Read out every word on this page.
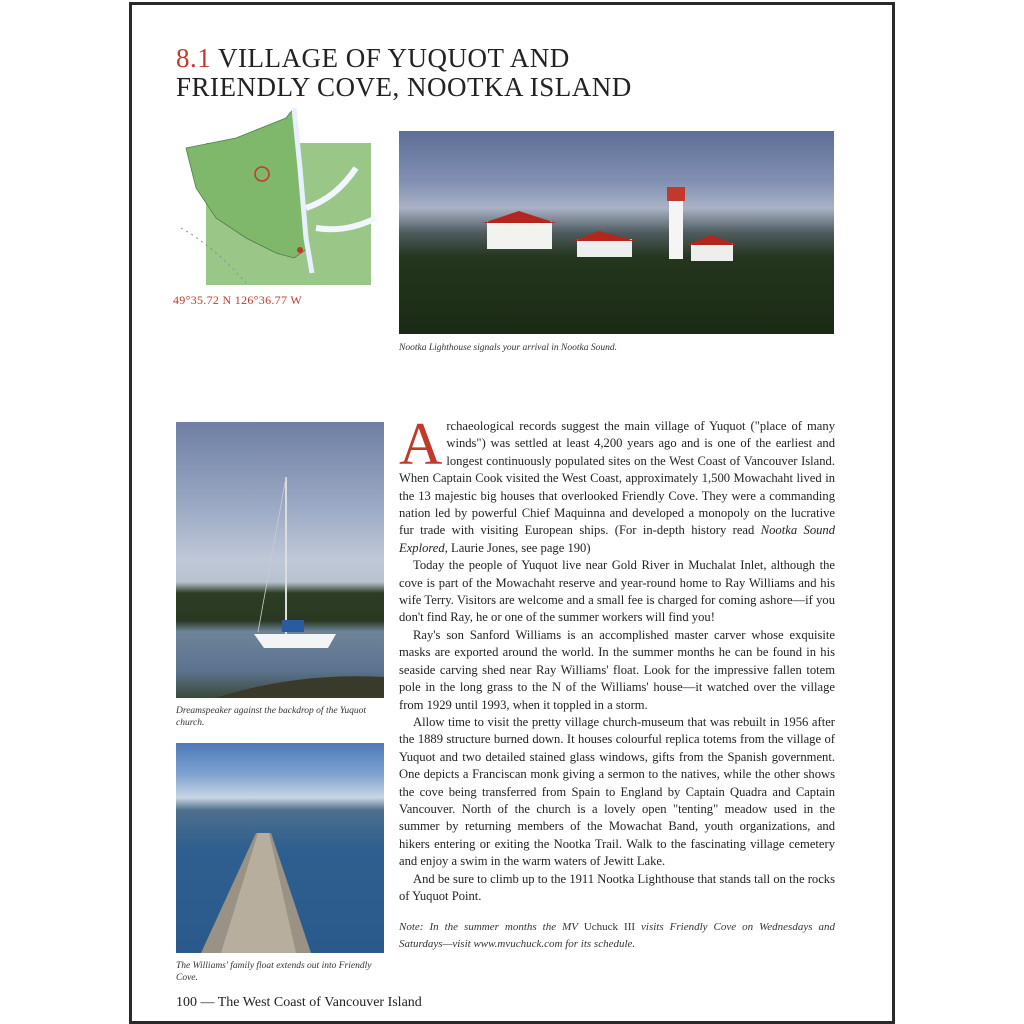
8.1 VILLAGE OF YUQUOT AND
FRIENDLY COVE, NOOTKA ISLAND
49°35.72 N 126°36.77 W
Nootka Lighthouse signals your arrival in Nootka Sound.
Dreamspeaker against the backdrop of the Yuquot church.
The Williams' family float extends out into Friendly Cove.

Archaeological records suggest the main village of Yuquot ("place of many winds") was settled at least 4,200 years ago and is one of the earliest and longest continuously populated sites on the West Coast of Vancouver Island. When Captain Cook visited the West Coast, approximately 1,500 Mowachaht lived in the 13 majestic big houses that overlooked Friendly Cove. They were a commanding nation led by powerful Chief Maquinna and developed a monopoly on the lucrative fur trade with visiting European ships. (For in-depth history read Nootka Sound Explored, Laurie Jones, see page 190)

Today the people of Yuquot live near Gold River in Muchalat Inlet, although the cove is part of the Mowachaht reserve and year-round home to Ray Williams and his wife Terry. Visitors are welcome and a small fee is charged for coming ashore—if you don't find Ray, he or one of the summer workers will find you!

Ray's son Sanford Williams is an accomplished master carver whose exquisite masks are exported around the world. In the summer months he can be found in his seaside carving shed near Ray Williams' float. Look for the impressive fallen totem pole in the long grass to the N of the Williams' house—it watched over the village from 1929 until 1993, when it toppled in a storm.

Allow time to visit the pretty village church-museum that was rebuilt in 1956 after the 1889 structure burned down. It houses colourful replica totems from the village of Yuquot and two detailed stained glass windows, gifts from the Spanish government. One depicts a Franciscan monk giving a sermon to the natives, while the other shows the cove being transferred from Spain to England by Captain Quadra and Captain Vancouver. North of the church is a lovely open "tenting" meadow used in the summer by returning members of the Mowachat Band, youth organizations, and hikers entering or exiting the Nootka Trail. Walk to the fascinating village cemetery and enjoy a swim in the warm waters of Jewitt Lake.

And be sure to climb up to the 1911 Nootka Lighthouse that stands tall on the rocks of Yuquot Point.

Note: In the summer months the MV Uchuck III visits Friendly Cove on Wednesdays and Saturdays—visit www.mvuchuck.com for its schedule.
100 — The West Coast of Vancouver Island
